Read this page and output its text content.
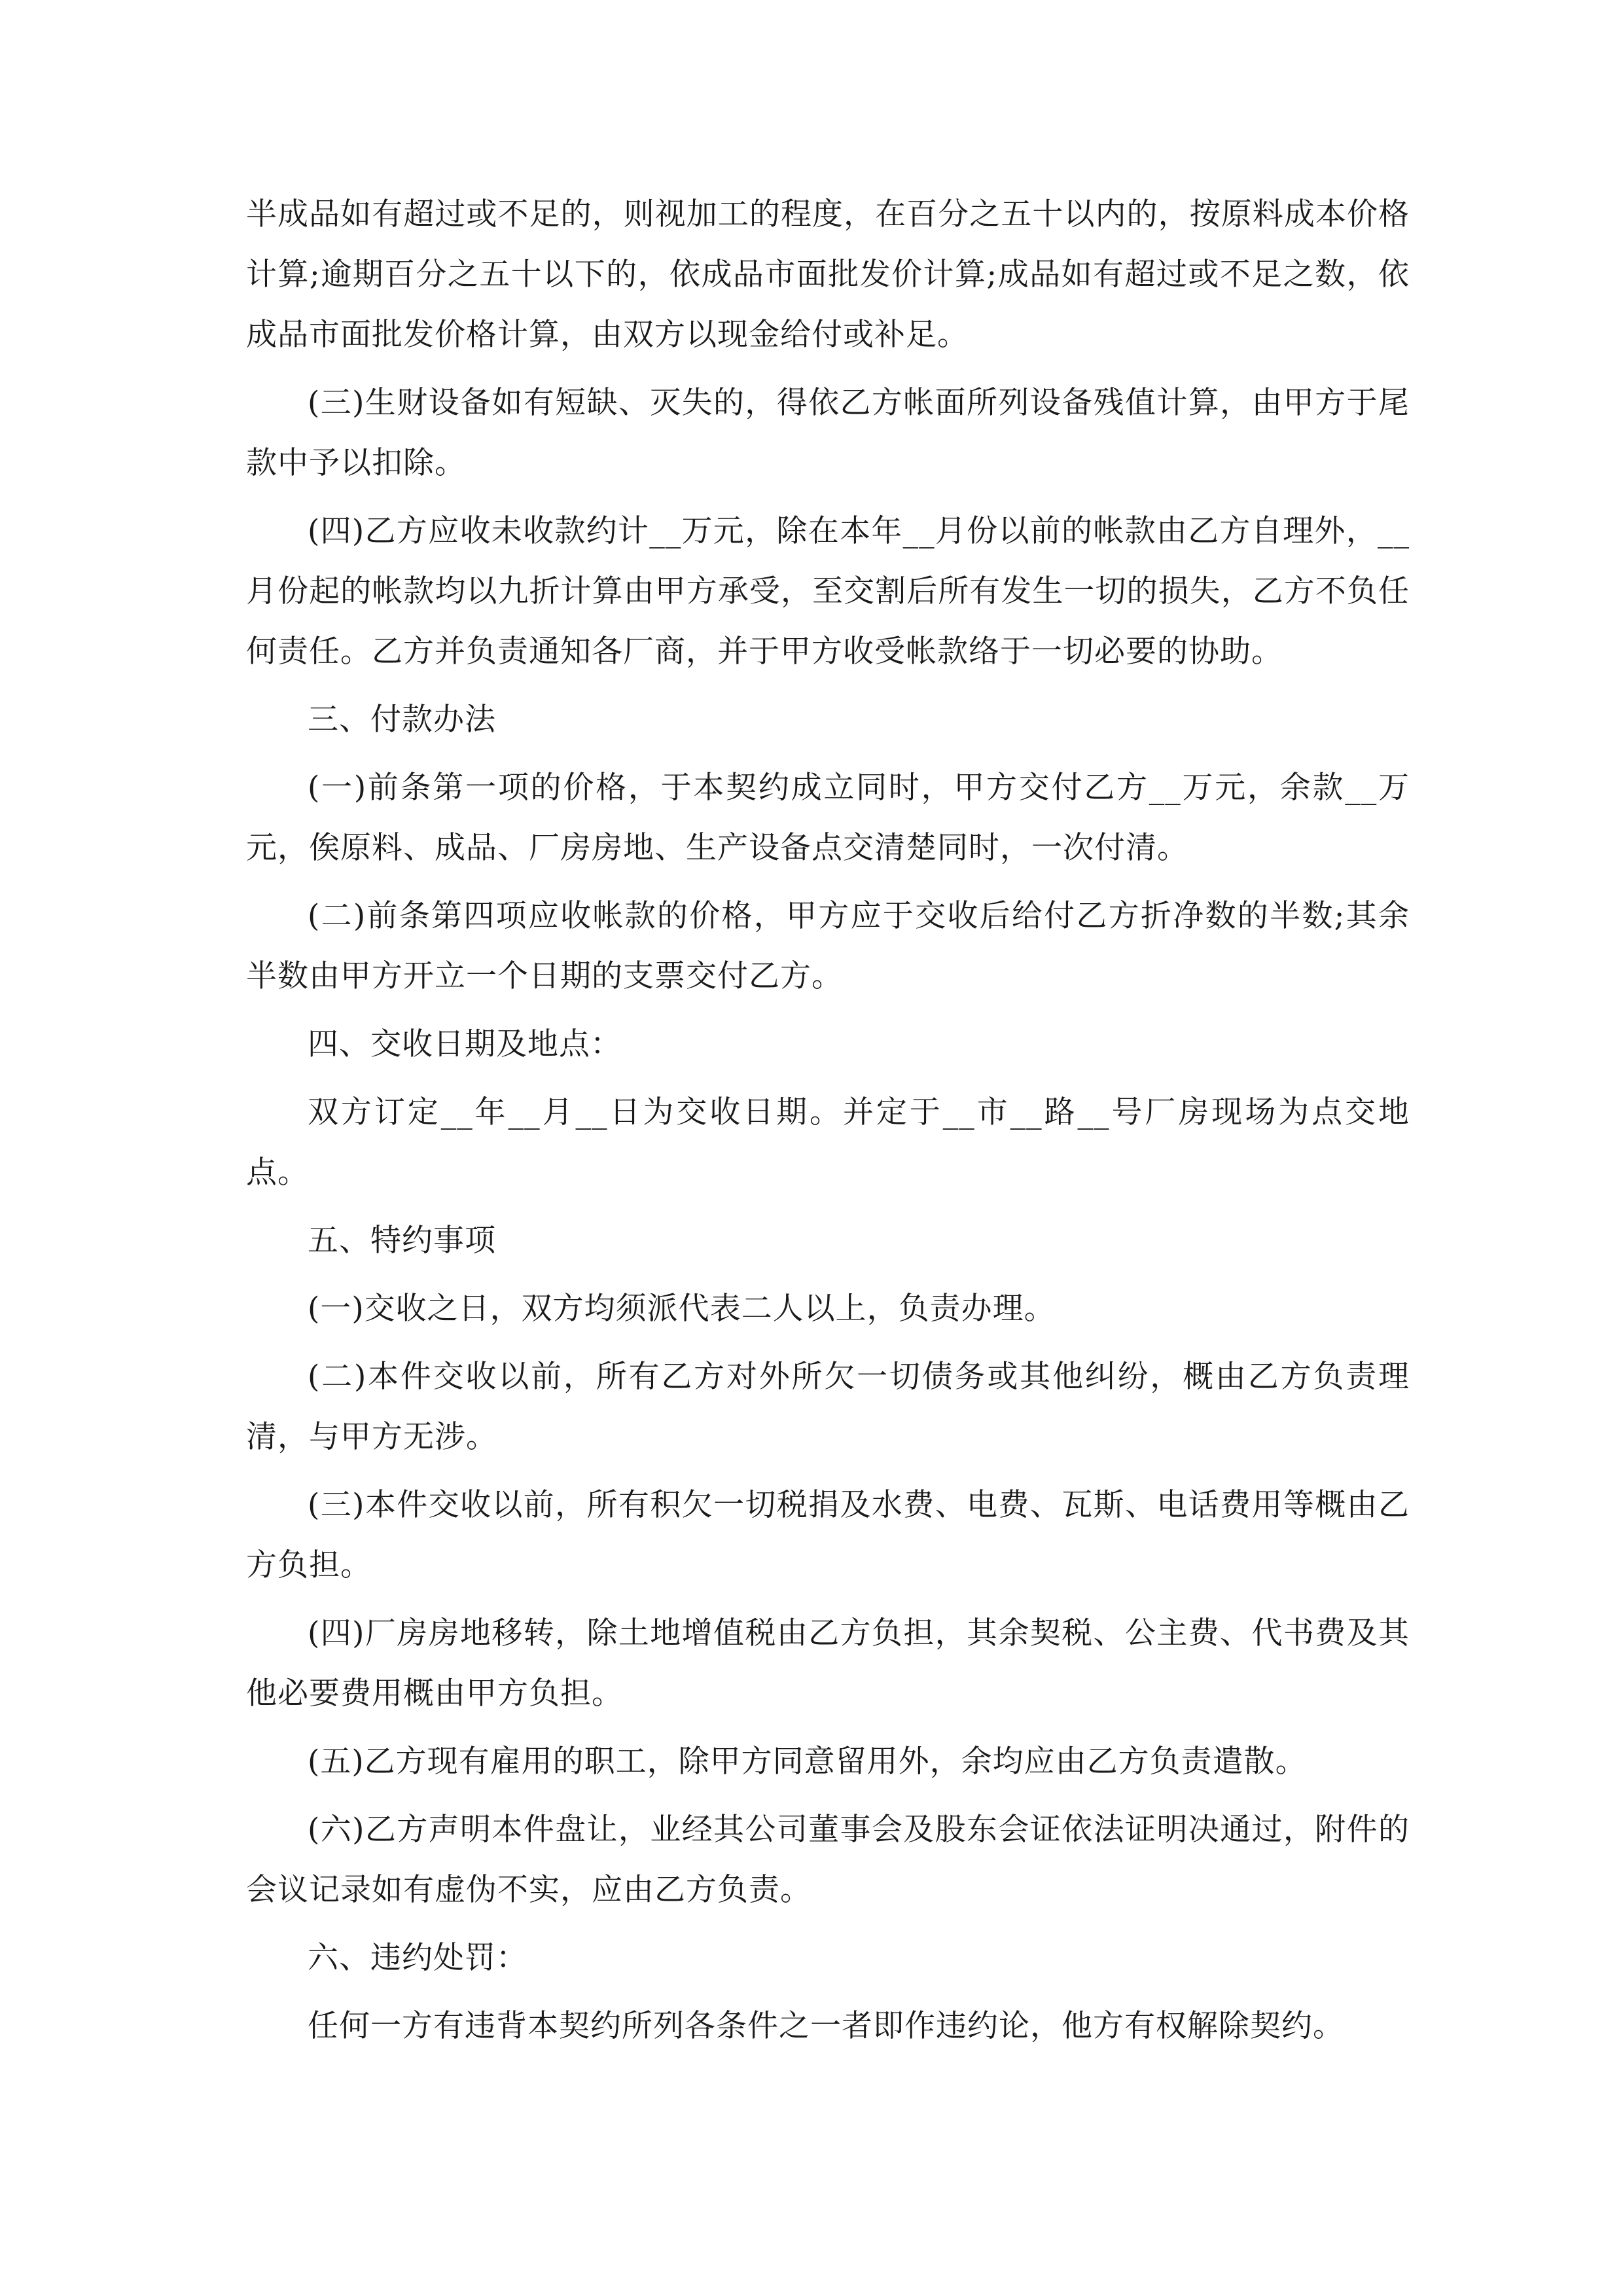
半成品如有超过或不足的，则视加工的程度，在百分之五十以内的，按原料成本价格计算;逾期百分之五十以下的，依成品市面批发价计算;成品如有超过或不足之数，依成品市面批发价格计算，由双方以现金给付或补足。

(三)生财设备如有短缺、灭失的，得依乙方帐面所列设备残值计算，由甲方于尾款中予以扣除。

(四)乙方应收未收款约计__万元，除在本年__月份以前的帐款由乙方自理外，__月份起的帐款均以九折计算由甲方承受，至交割后所有发生一切的损失，乙方不负任何责任。乙方并负责通知各厂商，并于甲方收受帐款络于一切必要的协助。

三、付款办法

(一)前条第一项的价格，于本契约成立同时，甲方交付乙方__万元，余款__万元，俟原料、成品、厂房房地、生产设备点交清楚同时，一次付清。

(二)前条第四项应收帐款的价格，甲方应于交收后给付乙方折净数的半数;其余半数由甲方开立一个日期的支票交付乙方。

四、交收日期及地点：

双方订定__年__月__日为交收日期。并定于__市__路__号厂房现场为点交地点。

五、特约事项

(一)交收之日，双方均须派代表二人以上，负责办理。

(二)本件交收以前，所有乙方对外所欠一切债务或其他纠纷，概由乙方负责理清，与甲方无涉。

(三)本件交收以前，所有积欠一切税捐及水费、电费、瓦斯、电话费用等概由乙方负担。

(四)厂房房地移转，除土地增值税由乙方负担，其余契税、公主费、代书费及其他必要费用概由甲方负担。

(五)乙方现有雇用的职工，除甲方同意留用外，余均应由乙方负责遣散。

(六)乙方声明本件盘让，业经其公司董事会及股东会证依法证明决通过，附件的会议记录如有虚伪不实，应由乙方负责。

六、违约处罚：

任何一方有违背本契约所列各条件之一者即作违约论，他方有权解除契约。
